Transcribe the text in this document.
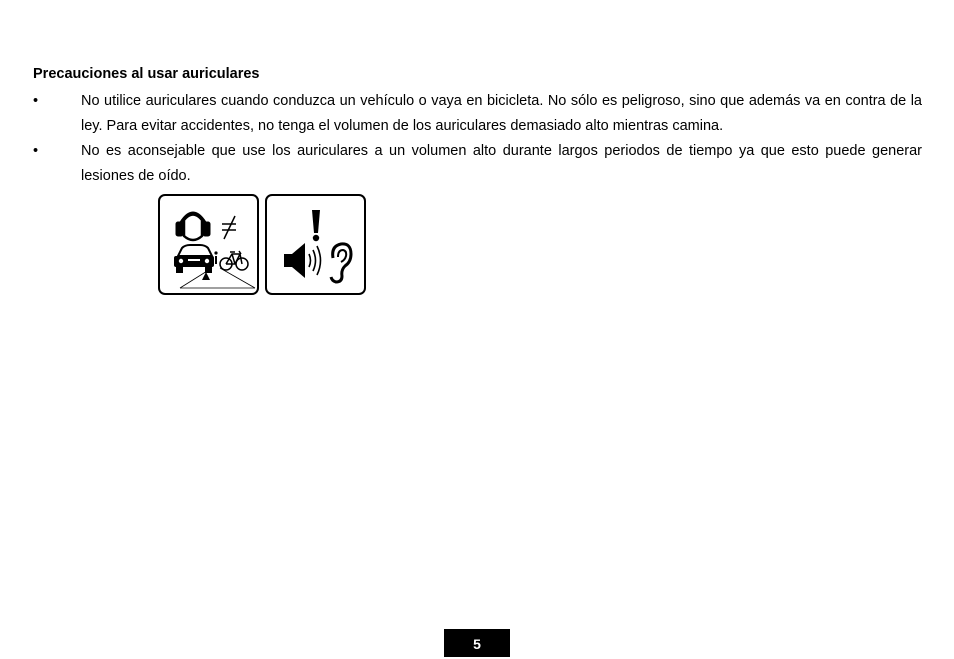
Precauciones al usar auriculares
•	No utilice auriculares cuando conduzca un vehículo o vaya en bicicleta. No sólo es peligroso, sino que además va en contra de la ley. Para evitar accidentes, no tenga el volumen de los auriculares demasiado alto mientras camina.
•	No es aconsejable que use los auriculares a un volumen alto durante largos periodos de tiempo ya que esto puede generar lesiones de oído.
5
